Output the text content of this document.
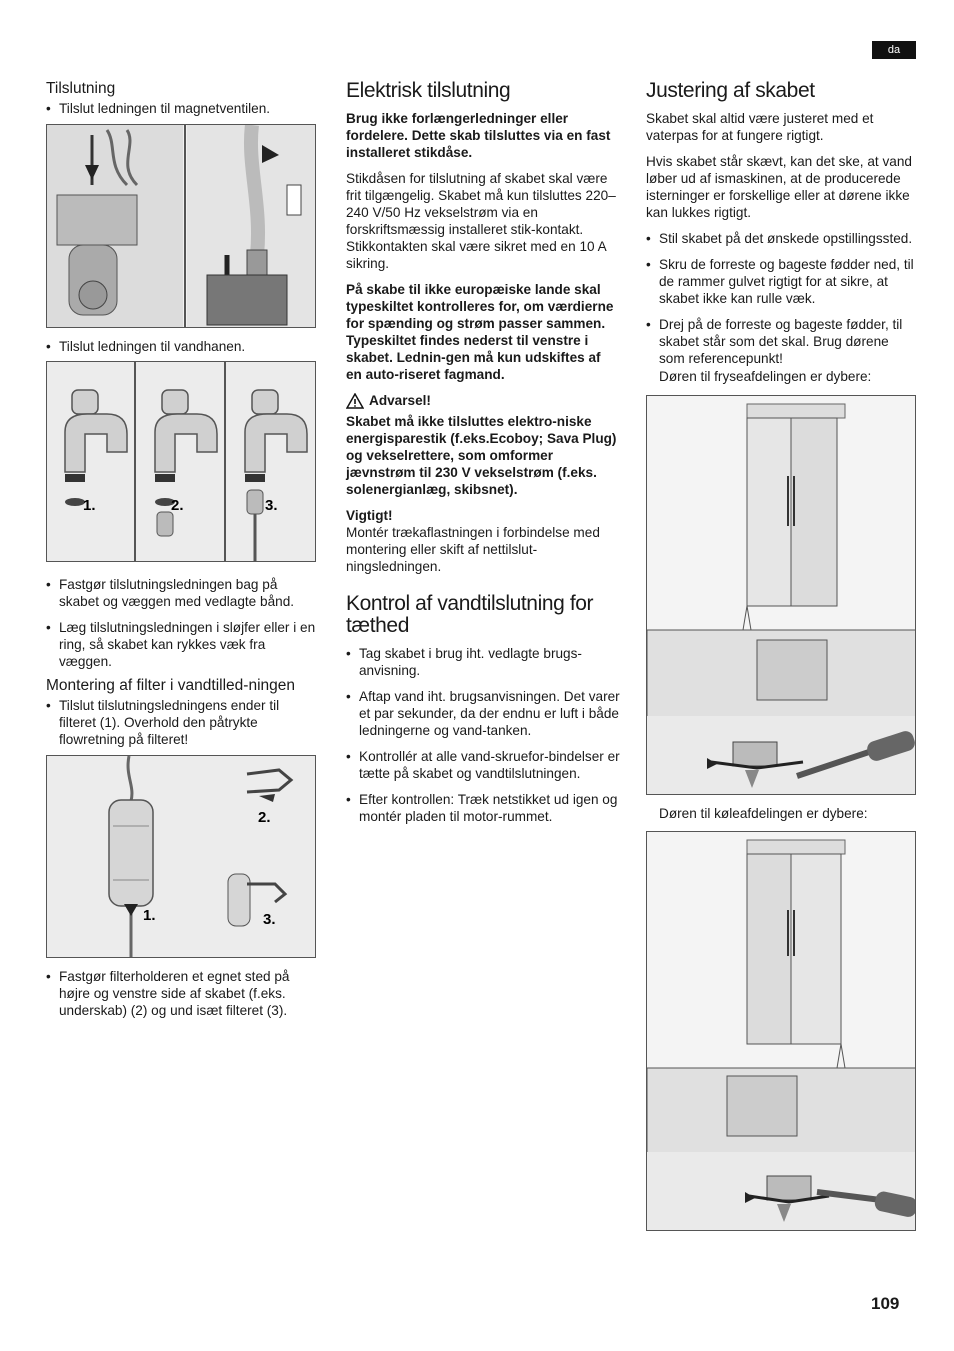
da
Tilslutning
• Tilslut ledningen til magnetventilen.
• Tilslut ledningen til vandhanen.
1.	2.	3.
• Fastgør tilslutningsledningen bag på skabet og væggen med vedlagte bånd.
• Læg tilslutningsledningen i sløjfer eller i en ring, så skabet kan rykkes væk fra væggen.
Montering af filter i vandtilled-ningen
• Tilslut tilslutningsledningens ender til filteret (1). Overhold den påtrykte flowretning på filteret!
1.
2.
3.
• Fastgør filterholderen et egnet sted på højre og venstre side af skabet (f.eks. underskab) (2) og und isæt filteret (3).
Elektrisk tilslutning

Brug ikke forlængerledninger eller fordelere. Dette skab tilsluttes via en fast installeret stikdåse.

Stikdåsen for tilslutning af skabet skal være frit tilgængelig. Skabet må kun tilsluttes 220–240 V/50 Hz vekselstrøm via en forskriftsmæssig installeret stik-kontakt. Stikkontakten skal være sikret med en 10 A sikring.

På skabe til ikke europæiske lande skal typeskiltet kontrolleres for, om værdierne for spænding og strøm passer sammen. Typeskiltet findes nederst til venstre i skabet. Lednin-gen må kun udskiftes af en auto-riseret fagmand.

Advarsel!

Skabet må ikke tilsluttes elektro-niske energisparestik (f.eks.Ecoboy; Sava Plug) og vekselrettere, som omformer jævnstrøm til 230 V vekselstrøm (f.eks. solenergianlæg, skibsnet).

Vigtigt!

Montér trækaflastningen i forbindelse med montering eller skift af nettilslut-ningsledningen.

Kontrol af vandtilslutning for tæthed
• Tag skabet i brug iht. vedlagte brugs-anvisning.
• Aftap vand iht. brugsanvisningen. Det varer et par sekunder, da der endnu er luft i både ledningerne og vand-tanken.
• Kontrollér at alle vand-skruefor-bindelser er tætte på skabet og vandtilslutningen.
• Efter kontrollen: Træk netstikket ud igen og montér pladen til motor-rummet.
Justering af skabet

Skabet skal altid være justeret med et vaterpas for at fungere rigtigt.

Hvis skabet står skævt, kan det ske, at vand løber ud af ismaskinen, at de producerede isterninger er forskellige eller at dørene ikke kan lukkes rigtigt.

• Stil skabet på det ønskede opstillingssted.
• Skru de forreste og bageste fødder ned, til de rammer gulvet rigtigt for at sikre, at skabet ikke kan rulle væk.
• Drej på de forreste og bageste fødder, til skabet står som det skal. Brug dørene som referencepunkt!

Døren til fryseafdelingen er dybere:

Døren til køleafdelingen er dybere:

109
